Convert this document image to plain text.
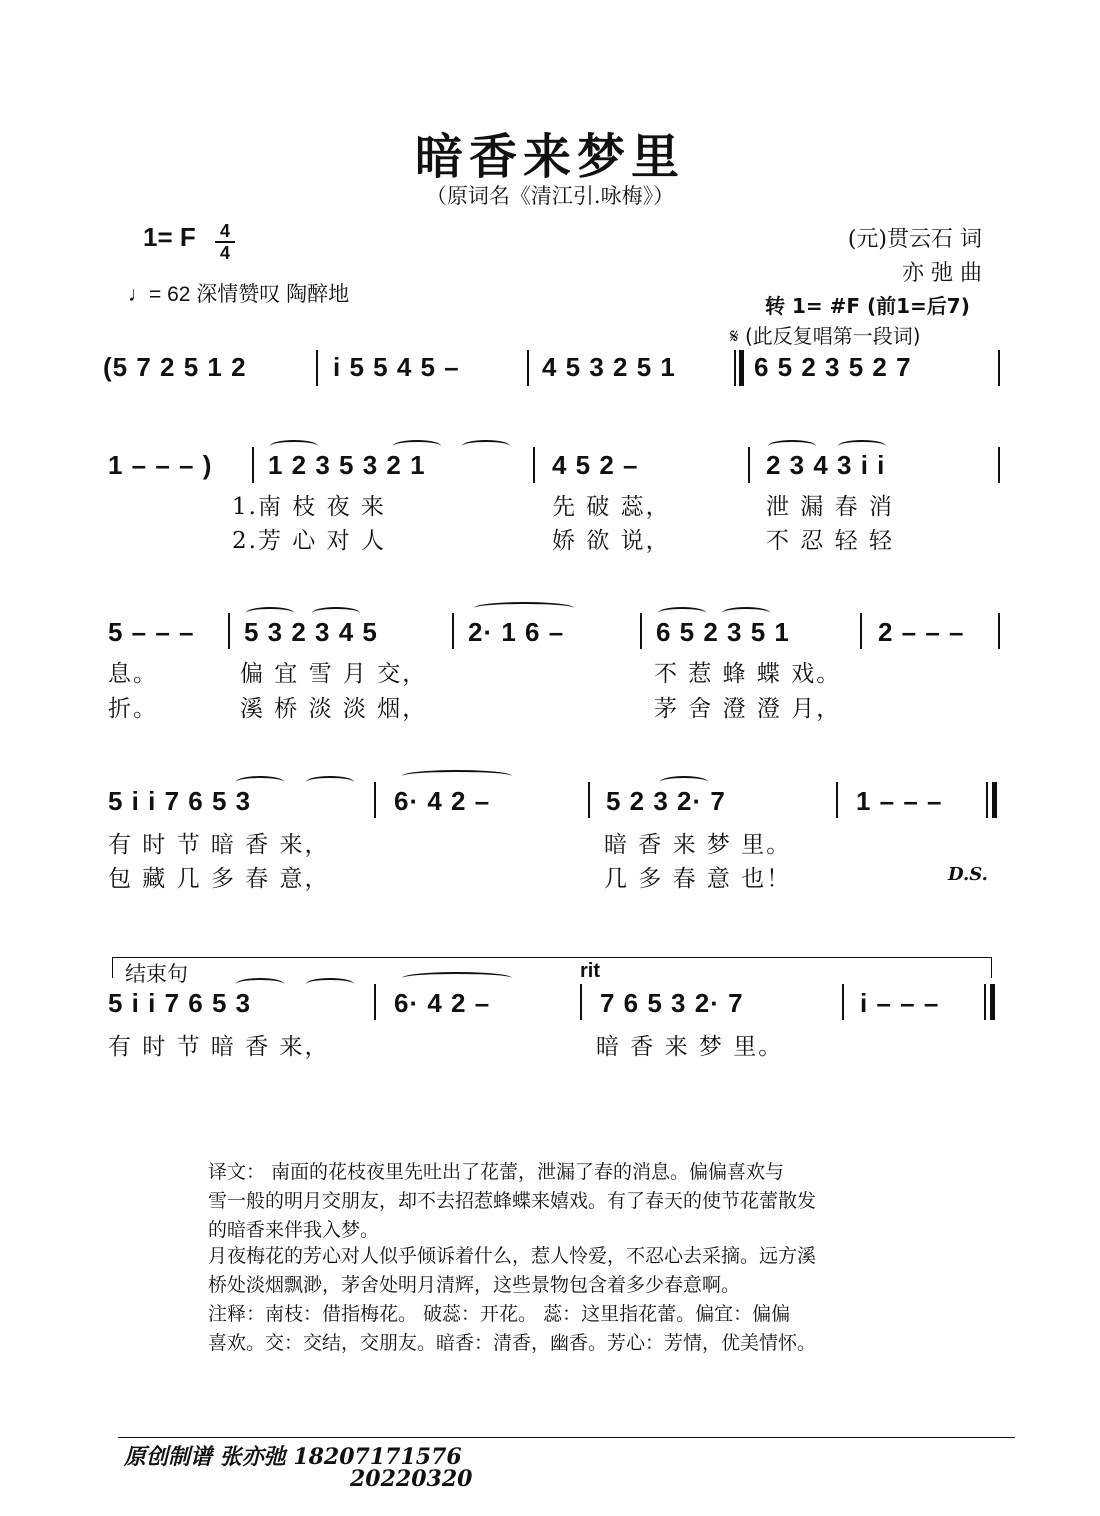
暗香来梦里
（原词名《清江引.咏梅》）
1= F 4
4
♩= 62 深情赞叹 陶醉地
(元)贯云石 词
亦 弛 曲
转 1= #F (前1=后7)
𝄋 (此反复唱第一段词)
(5 7 2 5 1 2	i 5 5 4 5 –	4 5 3 2 5 1	6 5 2 3 5 2 7
1 – – – ) 1 2 3 5 3 2 1	4 5 2 –	2 3 4 3 i i
1.南 枝 夜 来	先 破 蕊，	泄 漏 春 消
2.芳 心 对 人	娇 欲 说，	不 忍 轻 轻
5 – – – 5 3 2 3 4 5	2· 1 6 –	6 5 2 3 5 1	2 – – –
息。	偏 宜 雪 月 交，	不 惹 蜂 蝶 戏。
折。	溪 桥 淡 淡 烟，	茅 舍 澄 澄 月，
5 i i 7 6 5 3	6· 4 2 –	5 2 3 2· 7	1 – – –
有 时 节 暗 香 来，	暗 香 来 梦 里。
包 藏 几 多 春 意，	几 多 春 意 也！	D.S.
结束句	rit
5 i i 7 6 5 3	6· 4 2 –	7 6 5 3 2· 7	i – – –
有 时 节 暗 香 来，	暗 香 来 梦 里。
译文： 南面的花枝夜里先吐出了花蕾，泄漏了春的消息。偏偏喜欢与
雪一般的明月交朋友，却不去招惹蜂蝶来嬉戏。有了春天的使节花蕾散发
的暗香来伴我入梦。
月夜梅花的芳心对人似乎倾诉着什么，惹人怜爱，不忍心去采摘。远方溪
桥处淡烟飘渺，茅舍处明月清辉，这些景物包含着多少春意啊。
注释：南枝：借指梅花。 破蕊：开花。 蕊：这里指花蕾。偏宜：偏偏
喜欢。交：交结，交朋友。暗香：清香，幽香。芳心：芳情，优美情怀。
原创制谱 张亦弛 18207171576
20220320
